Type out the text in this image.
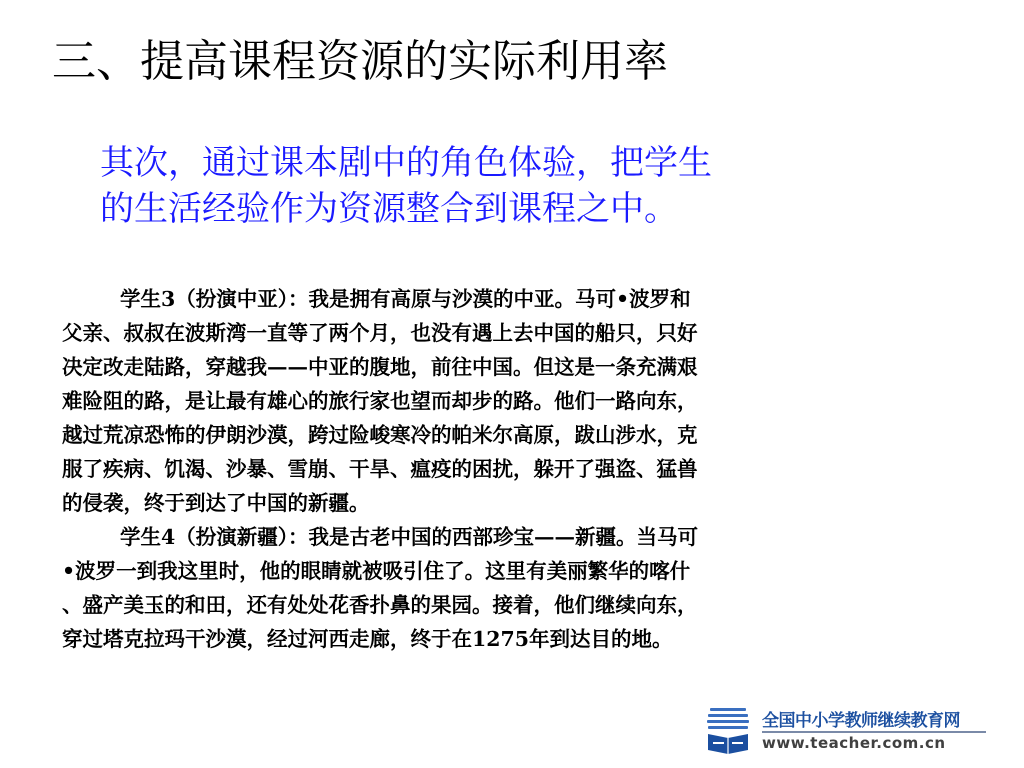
三、提高课程资源的实际利用率
其次，通过课本剧中的角色体验，把学生
的生活经验作为资源整合到课程之中。
学生3（扮演中亚）：我是拥有高原与沙漠的中亚。马可•波罗和
父亲、叔叔在波斯湾一直等了两个月，也没有遇上去中国的船只，只好
决定改走陆路，穿越我——中亚的腹地，前往中国。但这是一条充满艰
难险阻的路，是让最有雄心的旅行家也望而却步的路。他们一路向东，
越过荒凉恐怖的伊朗沙漠，跨过险峻寒冷的帕米尔高原，跋山涉水，克
服了疾病、饥渴、沙暴、雪崩、干旱、瘟疫的困扰，躲开了强盗、猛兽
的侵袭，终于到达了中国的新疆。
学生4（扮演新疆）：我是古老中国的西部珍宝——新疆。当马可
•波罗一到我这里时，他的眼睛就被吸引住了。这里有美丽繁华的喀什
、盛产美玉的和田，还有处处花香扑鼻的果园。接着，他们继续向东，
穿过塔克拉玛干沙漠，经过河西走廊，终于在1275年到达目的地。
全国中小学教师继续教育网
www.teacher.com.cn
